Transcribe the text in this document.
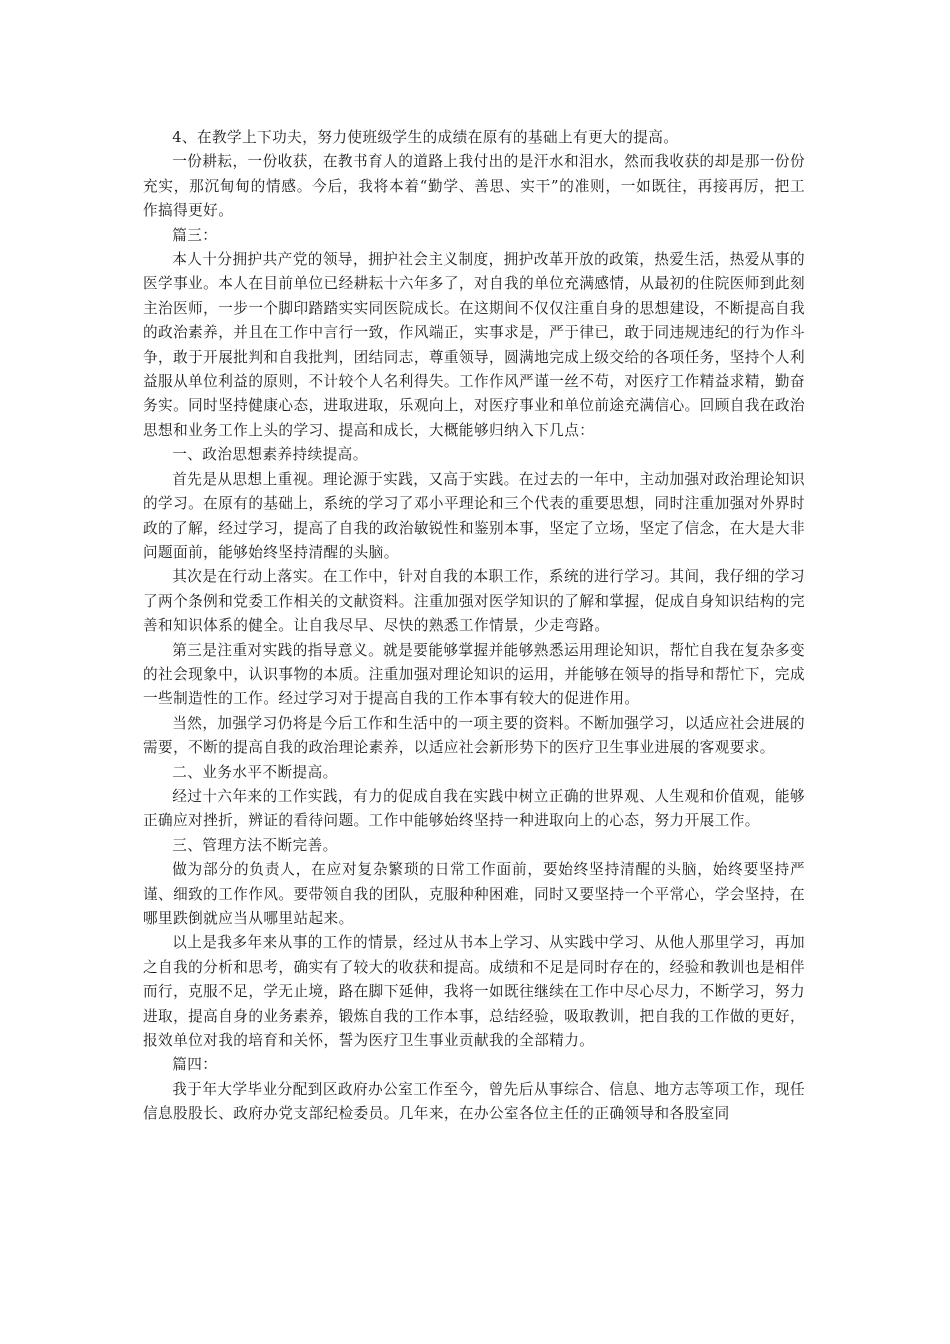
4、在教学上下功夫，努力使班级学生的成绩在原有的基础上有更大的提高。

一份耕耘，一份收获，在教书育人的道路上我付出的是汗水和泪水，然而我收获的却是那一份份充实，那沉甸甸的情感。今后，我将本着“勤学、善思、实干”的准则，一如既往，再接再厉，把工作搞得更好。

篇三：

本人十分拥护共产党的领导，拥护社会主义制度，拥护改革开放的政策，热爱生活，热爱从事的医学事业。本人在目前单位已经耕耘十六年多了，对自我的单位充满感情，从最初的住院医师到此刻主治医师，一步一个脚印踏踏实实同医院成长。在这期间不仅仅注重自身的思想建设，不断提高自我的政治素养，并且在工作中言行一致，作风端正，实事求是，严于律已，敢于同违规违纪的行为作斗争，敢于开展批判和自我批判，团结同志，尊重领导，圆满地完成上级交给的各项任务，坚持个人利益服从单位利益的原则，不计较个人名利得失。工作作风严谨一丝不苟，对医疗工作精益求精，勤奋务实。同时坚持健康心态，进取进取，乐观向上，对医疗事业和单位前途充满信心。回顾自我在政治思想和业务工作上头的学习、提高和成长，大概能够归纳入下几点：

一、政治思想素养持续提高。

首先是从思想上重视。理论源于实践，又高于实践。在过去的一年中，主动加强对政治理论知识的学习。在原有的基础上，系统的学习了邓小平理论和三个代表的重要思想，同时注重加强对外界时政的了解，经过学习，提高了自我的政治敏锐性和鉴别本事，坚定了立场，坚定了信念，在大是大非问题面前，能够始终坚持清醒的头脑。

其次是在行动上落实。在工作中，针对自我的本职工作，系统的进行学习。其间，我仔细的学习了两个条例和党委工作相关的文献资料。注重加强对医学知识的了解和掌握，促成自身知识结构的完善和知识体系的健全。让自我尽早、尽快的熟悉工作情景，少走弯路。

第三是注重对实践的指导意义。就是要能够掌握并能够熟悉运用理论知识，帮忙自我在复杂多变的社会现象中，认识事物的本质。注重加强对理论知识的运用，并能够在领导的指导和帮忙下，完成一些制造性的工作。经过学习对于提高自我的工作本事有较大的促进作用。

当然，加强学习仍将是今后工作和生活中的一项主要的资料。不断加强学习，以适应社会进展的需要，不断的提高自我的政治理论素养，以适应社会新形势下的医疗卫生事业进展的客观要求。

二、业务水平不断提高。

经过十六年来的工作实践，有力的促成自我在实践中树立正确的世界观、人生观和价值观，能够正确应对挫折，辨证的看待问题。工作中能够始终坚持一种进取向上的心态，努力开展工作。

三、管理方法不断完善。

做为部分的负责人，在应对复杂繁琐的日常工作面前，要始终坚持清醒的头脑，始终要坚持严谨、细致的工作作风。要带领自我的团队，克服种种困难，同时又要坚持一个平常心，学会坚持，在哪里跌倒就应当从哪里站起来。

以上是我多年来从事的工作的情景，经过从书本上学习、从实践中学习、从他人那里学习，再加之自我的分析和思考，确实有了较大的收获和提高。成绩和不足是同时存在的，经验和教训也是相伴而行，克服不足，学无止境，路在脚下延伸，我将一如既往继续在工作中尽心尽力，不断学习，努力进取，提高自身的业务素养，锻炼自我的工作本事，总结经验，吸取教训，把自我的工作做的更好，报效单位对我的培育和关怀，誓为医疗卫生事业贡献我的全部精力。

篇四：

我于年大学毕业分配到区政府办公室工作至今，曾先后从事综合、信息、地方志等项工作，现任信息股股长、政府办党支部纪检委员。几年来，在办公室各位主任的正确领导和各股室同
